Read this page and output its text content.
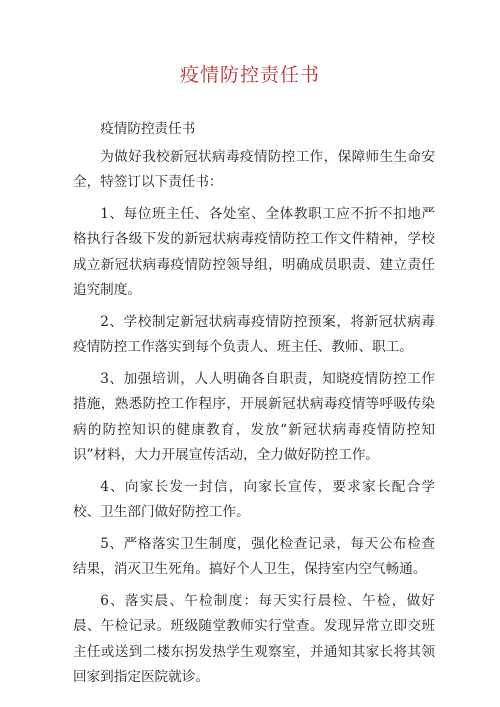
疫情防控责任书

疫情防控责任书

为做好我校新冠状病毒疫情防控工作，保障师生生命安全，特签订以下责任书：

1、每位班主任、各处室、全体教职工应不折不扣地严格执行各级下发的新冠状病毒疫情防控工作文件精神，学校成立新冠状病毒疫情防控领导组，明确成员职责、建立责任追究制度。

2、学校制定新冠状病毒疫情防控预案，将新冠状病毒疫情防控工作落实到每个负责人、班主任、教师、职工。

3、加强培训，人人明确各自职责，知晓疫情防控工作措施，熟悉防控工作程序，开展新冠状病毒疫情等呼吸传染病的防控知识的健康教育，发放“新冠状病毒疫情防控知识”材料，大力开展宣传活动，全力做好防控工作。

4、向家长发一封信，向家长宣传，要求家长配合学校、卫生部门做好防控工作。

5、严格落实卫生制度，强化检查记录，每天公布检查结果，消灭卫生死角。搞好个人卫生，保持室内空气畅通。

6、落实晨、午检制度：每天实行晨检、午检，做好晨、午检记录。班级随堂教师实行堂查。发现异常立即交班主任或送到二楼东拐发热学生观察室，并通知其家长将其领回家到指定医院就诊。
